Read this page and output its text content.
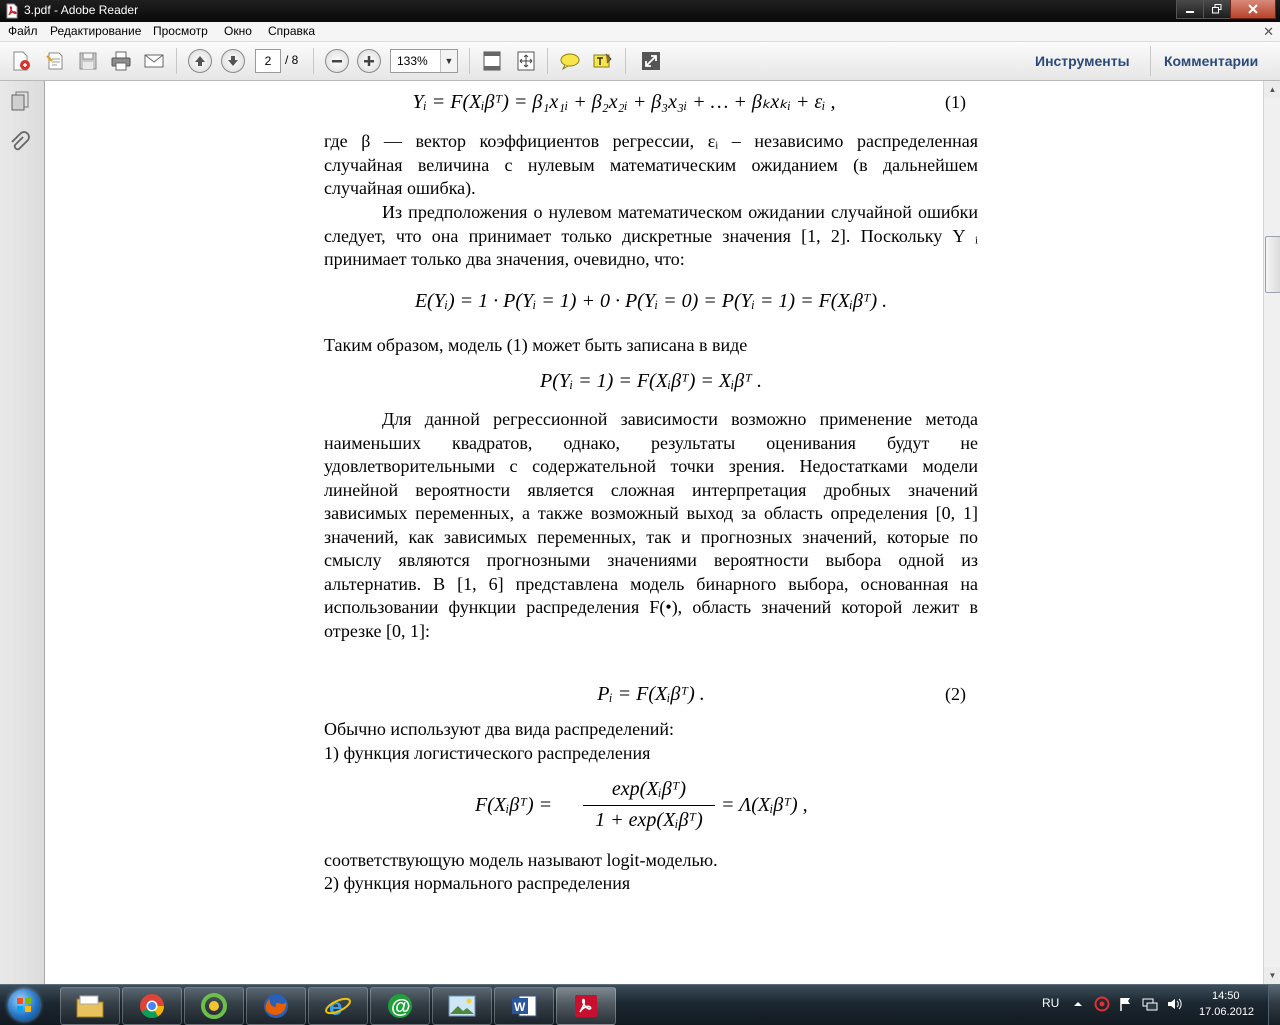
3.pdf - Adobe Reader
Файл Редактирование Просмотр Окно Справка	✕
2	/ 8	133%	▼	Инструменты Комментарии
Yᵢ = F(Xᵢβᵀ) = β₁x₁ᵢ + β₂x₂ᵢ + β₃x₃ᵢ + … + βₖxₖᵢ + εᵢ ,	(1)
где β — вектор коэффициентов регрессии, εᵢ – независимо распределенная случайная величина с нулевым математическим ожиданием (в дальнейшем случайная ошибка).
Из предположения о нулевом математическом ожидании случайной ошибки следует, что она принимает только дискретные значения [1, 2]. Поскольку Y ᵢ принимает только два значения, очевидно, что:
E(Yᵢ) = 1 · P(Yᵢ = 1) + 0 · P(Yᵢ = 0) = P(Yᵢ = 1) = F(Xᵢβᵀ) .
Таким образом, модель (1) может быть записана в виде
P(Yᵢ = 1) = F(Xᵢβᵀ) = Xᵢβᵀ .
Для данной регрессионной зависимости возможно применение метода наименьших квадратов, однако, результаты оценивания будут не удовлетворительными с содержательной точки зрения. Недостатками модели линейной вероятности является сложная интерпретация дробных значений зависимых переменных, а также возможный выход за область определения [0, 1] значений, как зависимых переменных, так и прогнозных значений, которые по смыслу являются прогнозными значениями вероятности выбора одной из альтернатив. В [1, 6] представлена модель бинарного выбора, основанная на использовании функции распределения F(•), область значений которой лежит в отрезке [0, 1]:
Pᵢ = F(Xᵢβᵀ) .	(2)
Обычно используют два вида распределений:
1) функция логистического распределения
F(Xᵢβᵀ) =
exp(Xᵢβᵀ)
1 + exp(Xᵢβᵀ)
= Λ(Xᵢβᵀ) ,
соответствующую модель называют logit-моделью.
2) функция нормального распределения
▲
▼
e @	W	RU	14:50
17.06.2012
